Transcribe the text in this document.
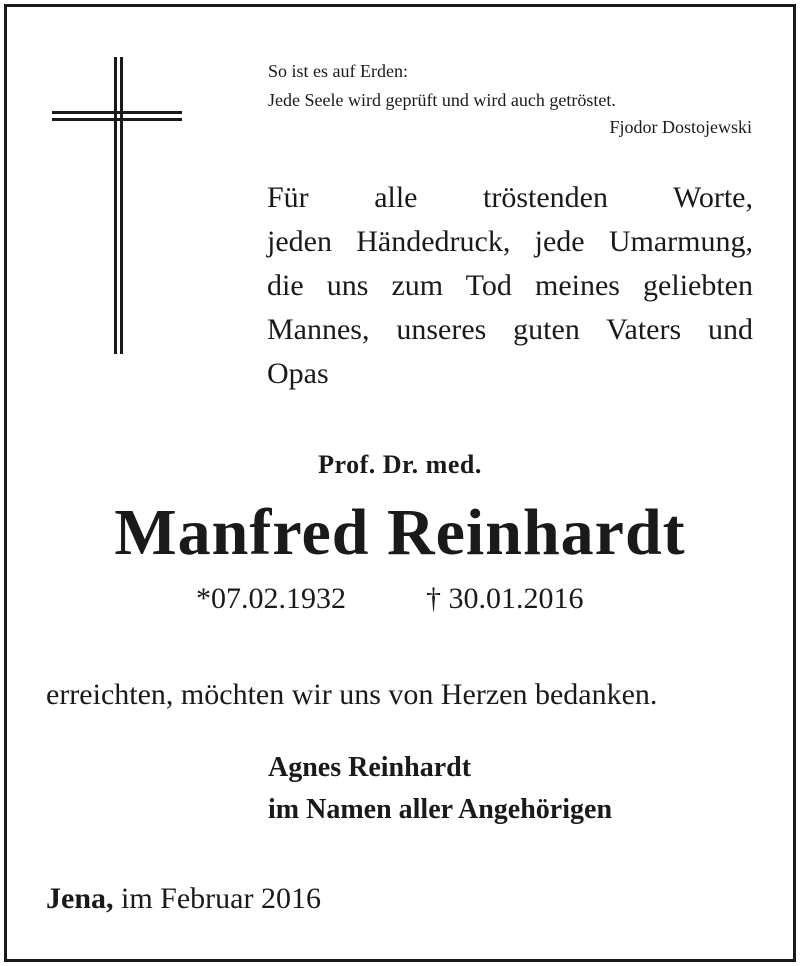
So ist es auf Erden:
Jede Seele wird geprüft und wird auch getröstet.
Fjodor Dostojewski
Für alle tröstenden Worte,
jeden Händedruck, jede Umarmung,
die uns zum Tod meines geliebten
Mannes, unseres guten Vaters und
Opas
Prof. Dr. med.
Manfred Reinhardt
*07.02.1932	† 30.01.2016
erreichten, möchten wir uns von Herzen bedanken.
Agnes Reinhardt
im Namen aller Angehörigen
Jena, im Februar 2016
